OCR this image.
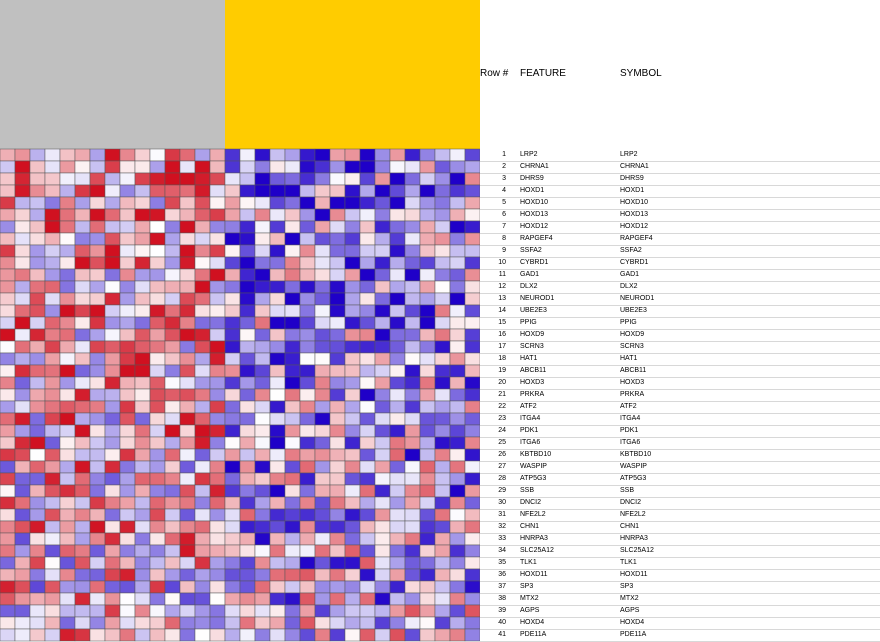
Row # FEATURE	SYMBOL
1 LRP2	LRP2
2 CHRNA1	CHRNA1
3 DHRS9	DHRS9
4 HOXD1	HOXD1
5 HOXD10	HOXD10
6 HOXD13	HOXD13
7 HOXD12	HOXD12
8 RAPGEF4	RAPGEF4
9 SSFA2	SSFA2
10 CYBRD1	CYBRD1
11 GAD1	GAD1
12 DLX2	DLX2
13 NEUROD1	NEUROD1
14 UBE2E3	UBE2E3
15 PPIG	PPIG
16 HOXD9	HOXD9
17 SCRN3	SCRN3
18 HAT1	HAT1
19 ABCB11	ABCB11
20 HOXD3	HOXD3
21 PRKRA	PRKRA
22 ATF2	ATF2
23 ITGA4	ITGA4
24 PDK1	PDK1
25 ITGA6	ITGA6
26 KBTBD10	KBTBD10
27 WASPIP	WASPIP
28 ATP5G3	ATP5G3
29 SSB	SSB
30 DNCI2	DNCI2
31 NFE2L2	NFE2L2
32 CHN1	CHN1
33 HNRPA3	HNRPA3
34 SLC25A12	SLC25A12
35 TLK1	TLK1
36 HOXD11	HOXD11
37 SP3	SP3
38 MTX2	MTX2
39 AGPS	AGPS
40 HOXD4	HOXD4
41 PDE11A	PDE11A
